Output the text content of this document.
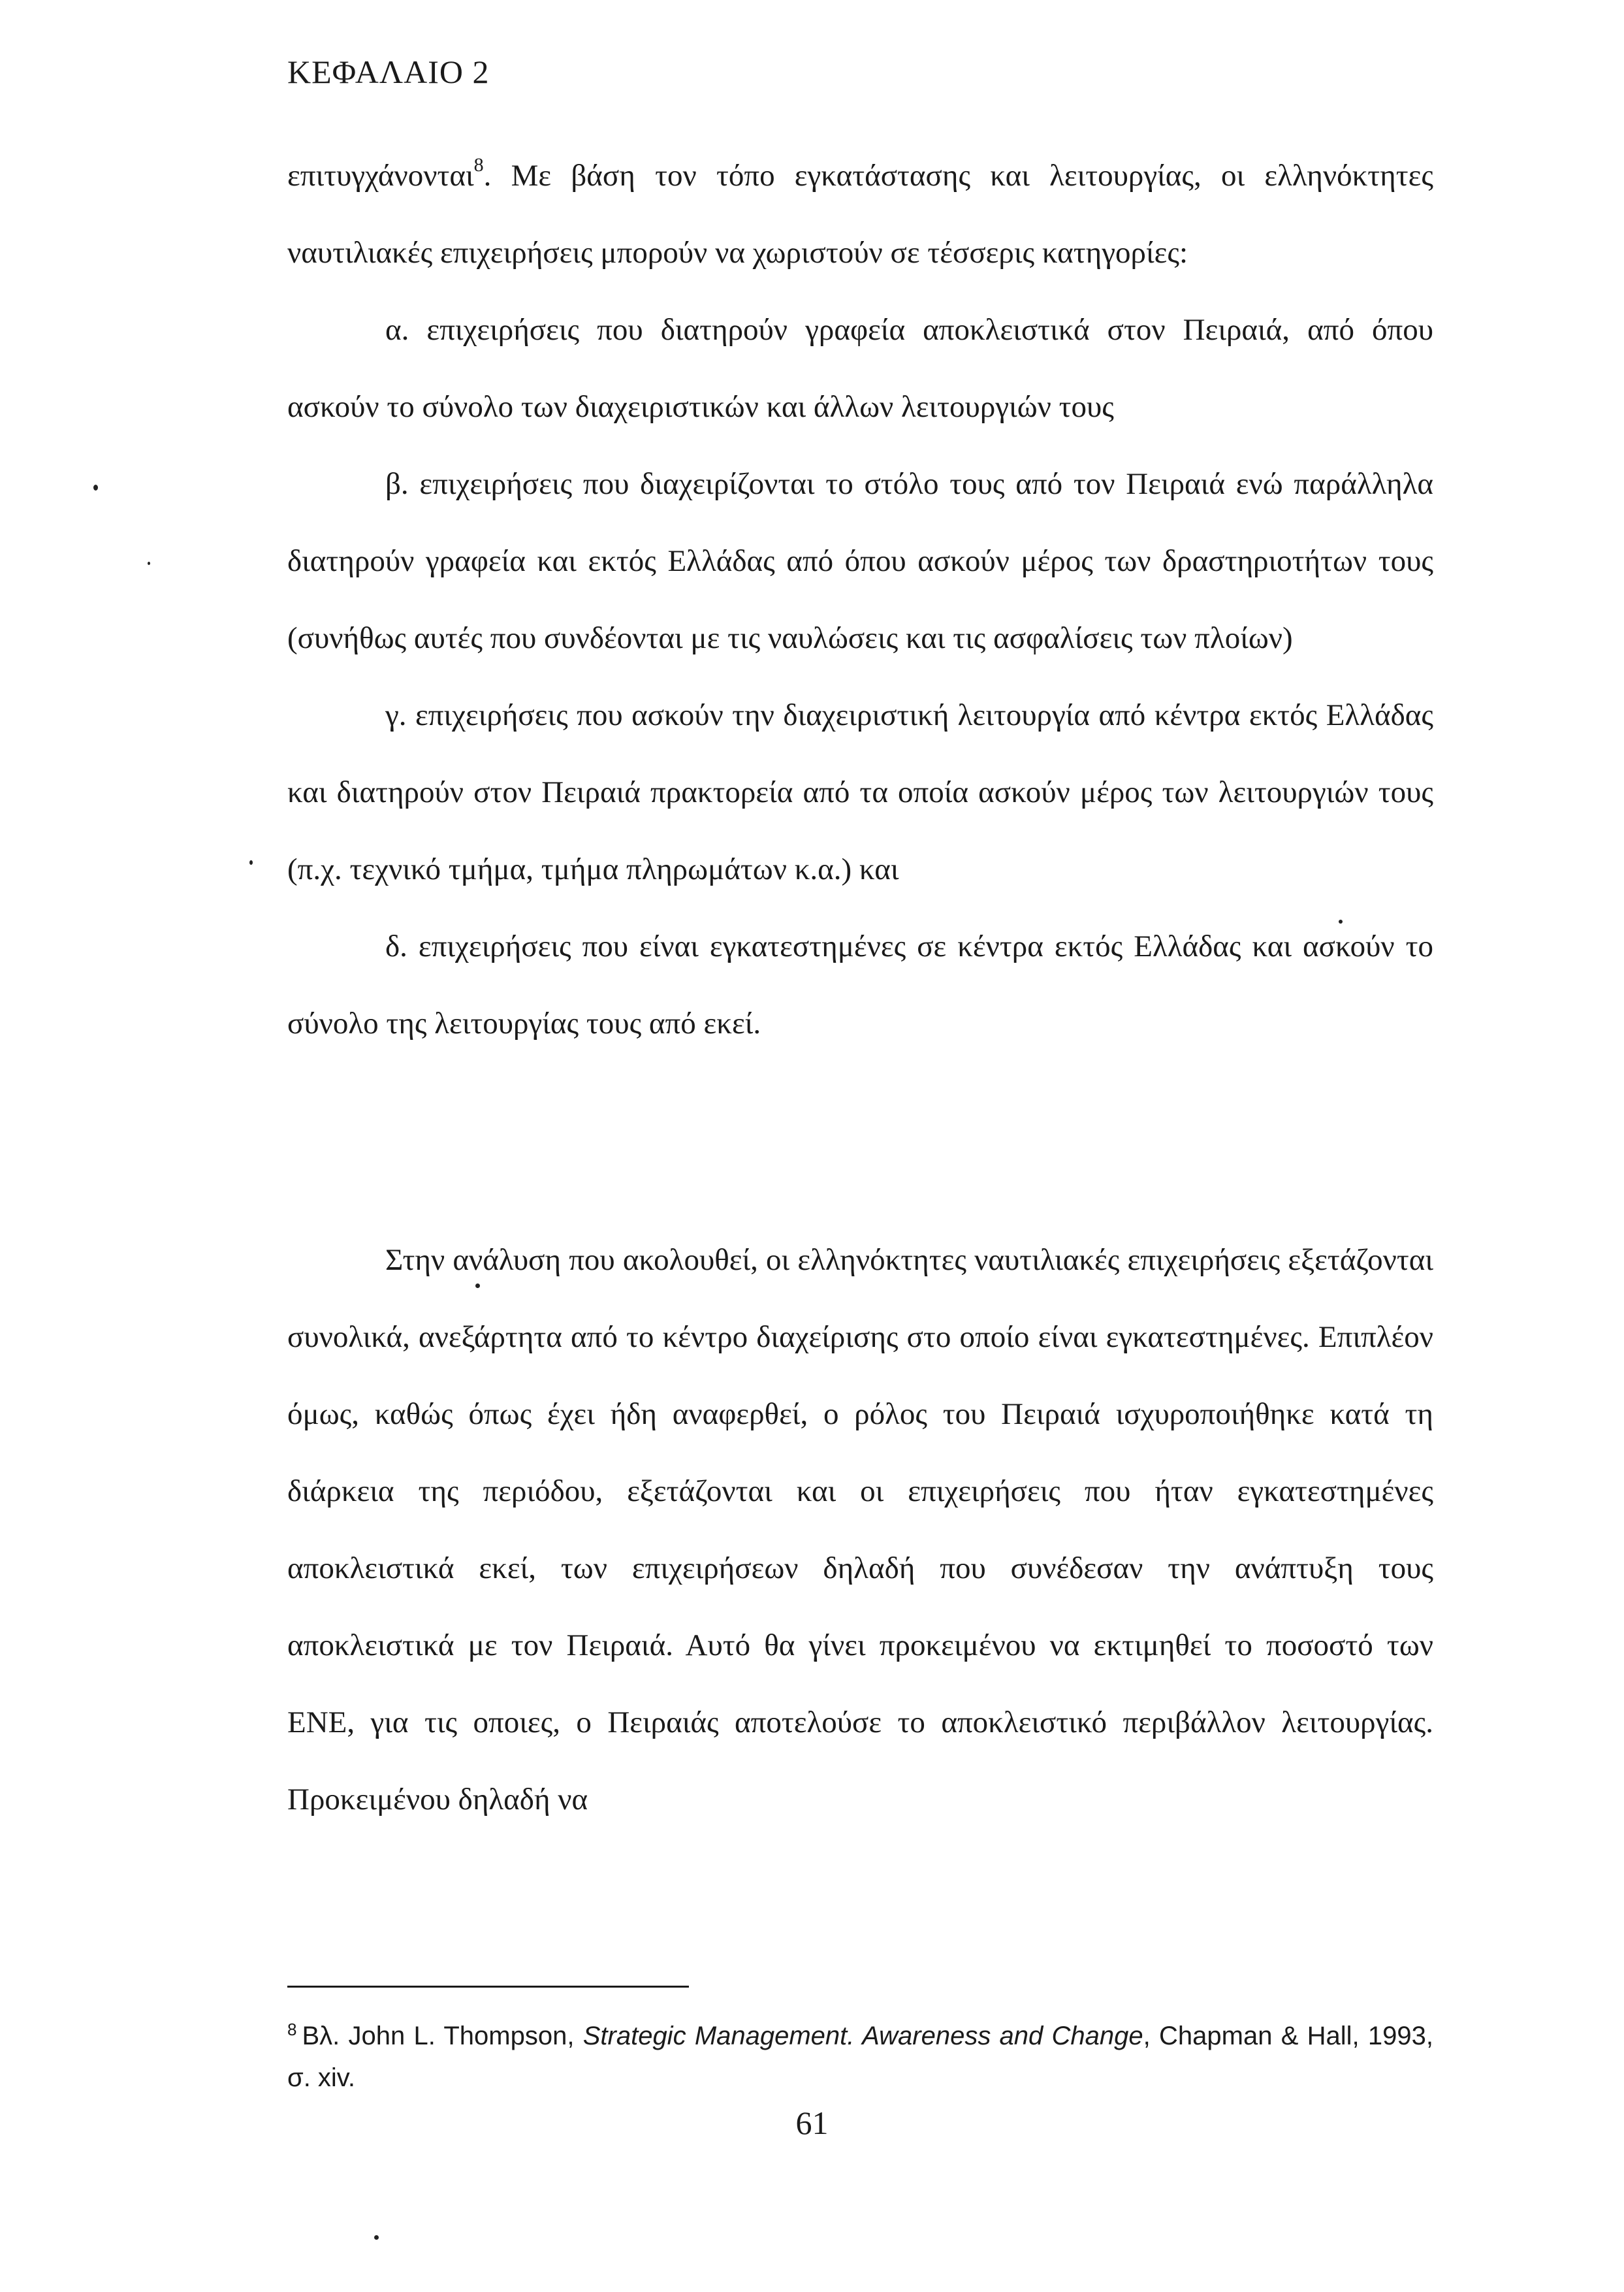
ΚΕΦΑΛΑΙΟ 2

επιτυγχάνονται$^8$. Με βάση τον τόπο εγκατάστασης και λειτουργίας, οι ελληνόκτητες ναυτιλιακές επιχειρήσεις μπορούν να χωριστούν σε τέσσερις κατηγορίες:

α. επιχειρήσεις που διατηρούν γραφεία αποκλειστικά στον Πειραιά, από όπου ασκούν το σύνολο των διαχειριστικών και άλλων λειτουργιών τους

β. επιχειρήσεις που διαχειρίζονται το στόλο τους από τον Πειραιά ενώ παράλληλα διατηρούν γραφεία και εκτός Ελλάδας από όπου ασκούν μέρος των δραστηριοτήτων τους (συνήθως αυτές που συνδέονται με τις ναυλώσεις και τις ασφαλίσεις των πλοίων)

γ. επιχειρήσεις που ασκούν την διαχειριστική λειτουργία από κέντρα εκτός Ελλάδας και διατηρούν στον Πειραιά πρακτορεία από τα οποία ασκούν μέρος των λειτουργιών τους (π.χ. τεχνικό τμήμα, τμήμα πληρωμάτων κ.α.) και

δ. επιχειρήσεις που είναι εγκατεστημένες σε κέντρα εκτός Ελλάδας και ασκούν το σύνολο της λειτουργίας τους από εκεί.

Στην ανάλυση που ακολουθεί, οι ελληνόκτητες ναυτιλιακές επιχειρήσεις εξετάζονται συνολικά, ανεξάρτητα από το κέντρο διαχείρισης στο οποίο είναι εγκατεστημένες. Επιπλέον όμως, καθώς όπως έχει ήδη αναφερθεί, ο ρόλος του Πειραιά ισχυροποιήθηκε κατά τη διάρκεια της περιόδου, εξετάζονται και οι επιχειρήσεις που ήταν εγκατεστημένες αποκλειστικά εκεί, των επιχειρήσεων δηλαδή που συνέδεσαν την ανάπτυξη τους αποκλειστικά με τον Πειραιά. Αυτό θα γίνει προκειμένου να εκτιμηθεί το ποσοστό των ΕΝΕ, για τις οποιες, ο Πειραιάς αποτελούσε το αποκλειστικό περιβάλλον λειτουργίας. Προκειμένου δηλαδή να

$^8$ Βλ. John L. Thompson, Strategic Management. Awareness and Change, Chapman & Hall, 1993, σ. xiv.
61
